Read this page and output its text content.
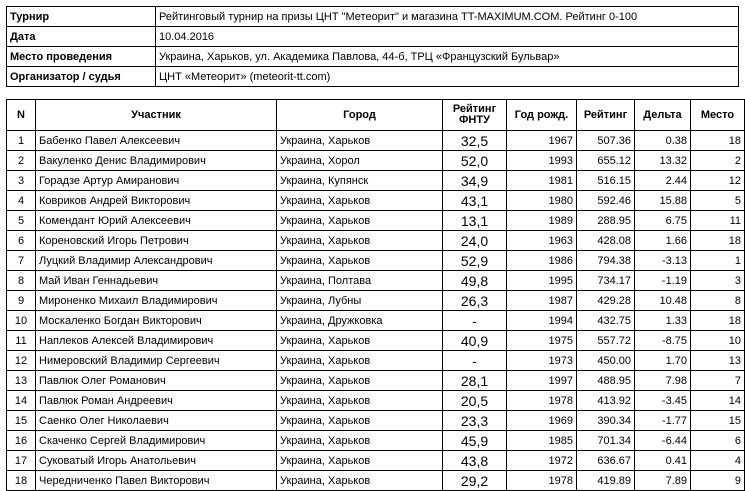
Турнир	Рейтинговый турнир на призы ЦНТ "Метеорит" и магазина TT-MAXIMUM.COM. Рейтинг 0-100
Дата	10.04.2016
Место проведения	Украина, Харьков, ул. Академика Павлова, 44-б, ТРЦ «Французский Бульвар»
Организатор / судья	ЦНТ «Метеорит» (meteorit-tt.com)
N	Участник	Город	Рейтинг ФНТУ	Год рожд.	Рейтинг	Дельта	Место
1	Бабенко Павел Алексеевич	Украина, Харьков	32,5	1967	507.36	0.38	18
2	Вакуленко Денис Владимирович	Украина, Хорол	52,0	1993	655.12	13.32	2
3	Горадзе Артур Амиранович	Украина, Купянск	34,9	1981	516.15	2.44	12
4	Ковриков Андрей Викторович	Украина, Харьков	43,1	1980	592.46	15.88	5
5	Комендант Юрий Алексеевич	Украина, Харьков	13,1	1989	288.95	6.75	11
6	Кореновский Игорь Петрович	Украина, Харьков	24,0	1963	428.08	1.66	18
7	Луцкий Владимир Александрович	Украина, Харьков	52,9	1986	794.38	-3.13	1
8	Май Иван Геннадьевич	Украина, Полтава	49,8	1995	734.17	-1.19	3
9	Мироненко Михаил Владимирович	Украина, Лубны	26,3	1987	429.28	10.48	8
10	Москаленко Богдан Викторович	Украина, Дружковка	-	1994	432.75	1.33	18
11	Наплеков Алексей Владимирович	Украина, Харьков	40,9	1975	557.72	-8.75	10
12	Нимеровский Владимир Сергеевич	Украина, Харьков	-	1973	450.00	1.70	13
13	Павлюк Олег Романович	Украина, Харьков	28,1	1997	488.95	7.98	7
14	Павлюк Роман Андреевич	Украина, Харьков	20,5	1978	413.92	-3.45	14
15	Саенко Олег Николаевич	Украина, Харьков	23,3	1969	390.34	-1.77	15
16	Скаченко Сергей Владимирович	Украина, Харьков	45,9	1985	701.34	-6.44	6
17	Суковатый Игорь Анатольевич	Украина, Харьков	43,8	1972	636.67	0.41	4
18	Чередниченко Павел Викторович	Украина, Харьков	29,2	1978	419.89	7.89	9
